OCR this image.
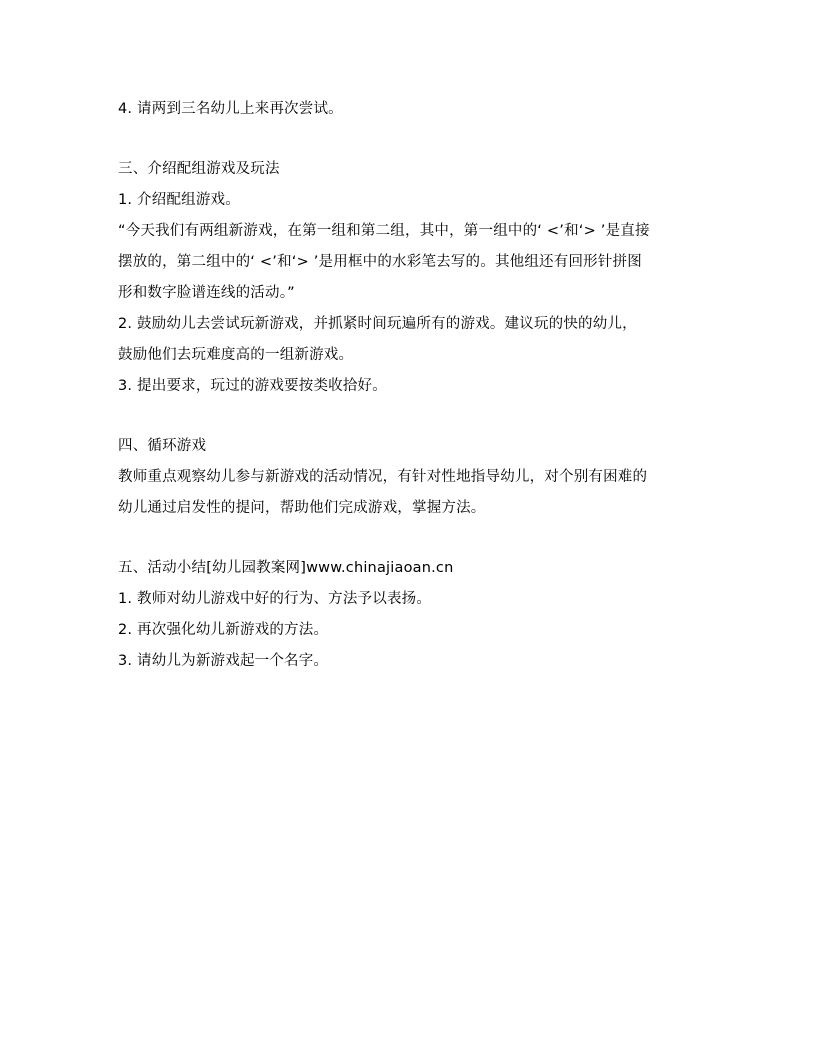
4. 请两到三名幼儿上来再次尝试。
三、介绍配组游戏及玩法
1. 介绍配组游戏。
“今天我们有两组新游戏，在第一组和第二组，其中，第一组中的‘ <’和‘> ’是直接
摆放的，第二组中的‘ <’和‘> ’是用框中的水彩笔去写的。其他组还有回形针拼图
形和数字脸谱连线的活动。”
2. 鼓励幼儿去尝试玩新游戏，并抓紧时间玩遍所有的游戏。建议玩的快的幼儿，
鼓励他们去玩难度高的一组新游戏。
3. 提出要求，玩过的游戏要按类收拾好。
四、循环游戏
教师重点观察幼儿参与新游戏的活动情况，有针对性地指导幼儿，对个别有困难的
幼儿通过启发性的提问，帮助他们完成游戏，掌握方法。
五、活动小结[幼儿园教案网]www.chinajiaoan.cn
1. 教师对幼儿游戏中好的行为、方法予以表扬。
2. 再次强化幼儿新游戏的方法。
3. 请幼儿为新游戏起一个名字。
